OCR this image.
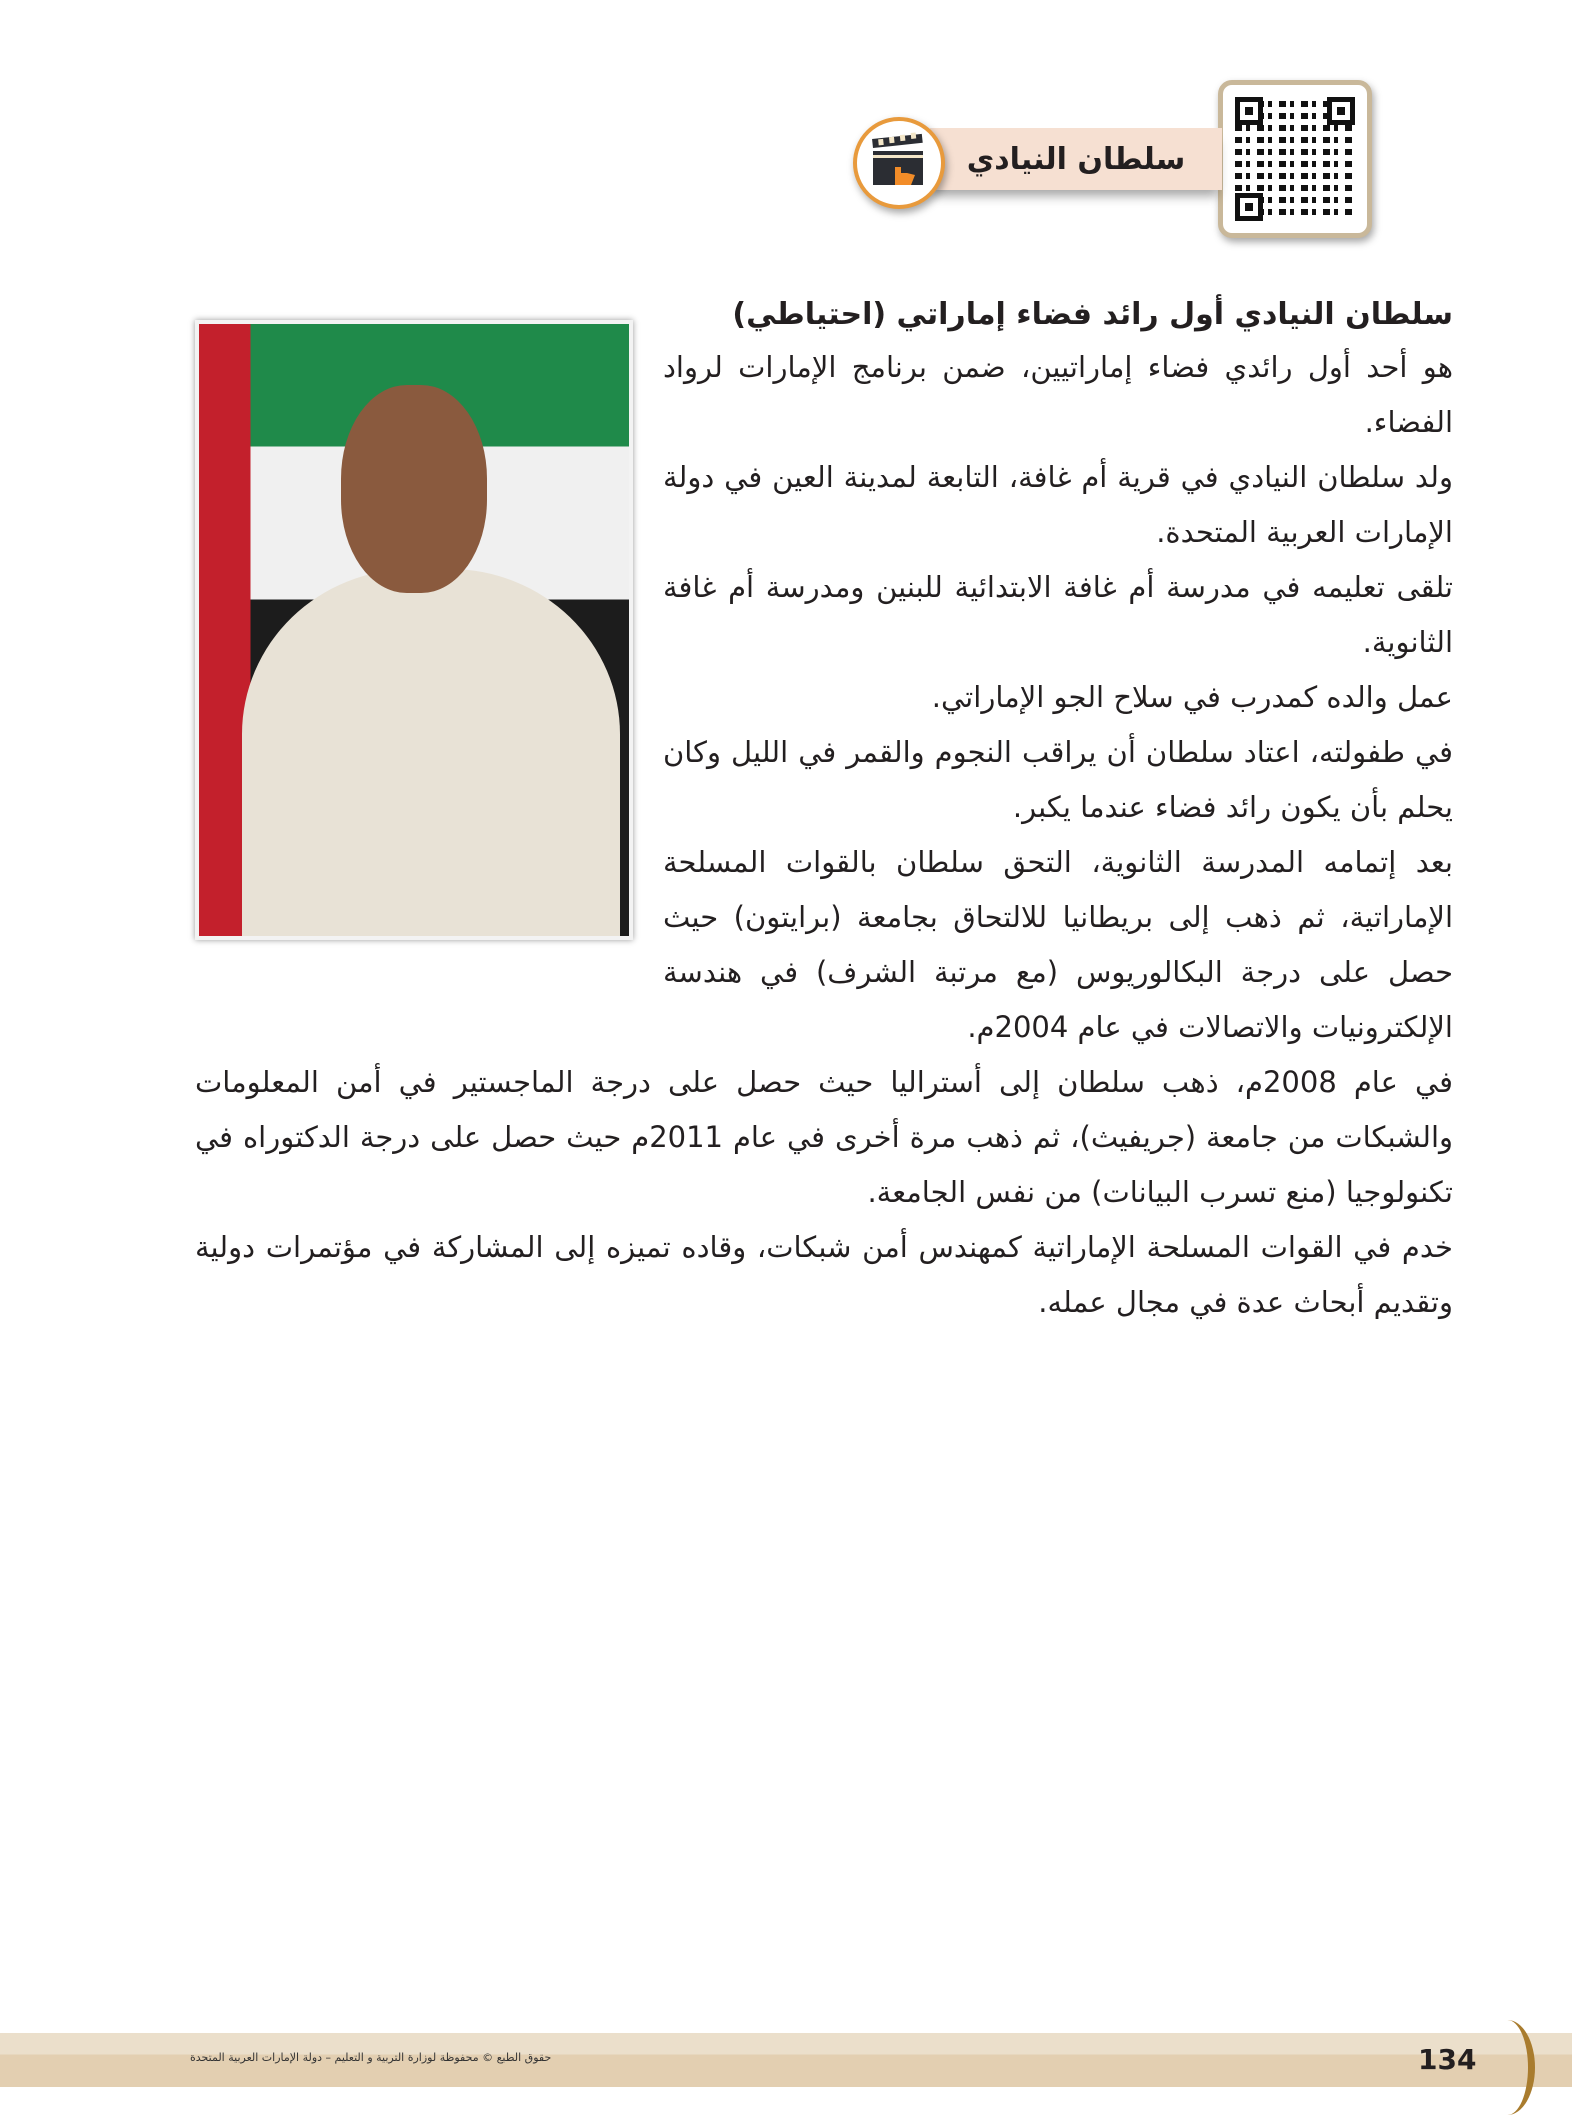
سلطان النيادي
سلطان النيادي أول رائد فضاء إماراتي (احتياطي)

هو أحد أول رائدي فضاء إماراتيين، ضمن برنامج الإمارات لرواد الفضاء.

ولد سلطان النيادي في قرية أم غافة، التابعة لمدينة العين في دولة الإمارات العربية المتحدة.

تلقى تعليمه في مدرسة أم غافة الابتدائية للبنين ومدرسة أم غافة الثانوية.

عمل والده كمدرب في سلاح الجو الإماراتي.

في طفولته، اعتاد سلطان أن يراقب النجوم والقمر في الليل وكان يحلم بأن يكون رائد فضاء عندما يكبر.

بعد إتمامه المدرسة الثانوية، التحق سلطان بالقوات المسلحة الإماراتية، ثم ذهب إلى بريطانيا للالتحاق بجامعة (برايتون) حيث حصل على درجة البكالوريوس (مع مرتبة الشرف) في هندسة الإلكترونيات والاتصالات في عام 2004م.

في عام 2008م، ذهب سلطان إلى أستراليا حيث حصل على درجة الماجستير في أمن المعلومات والشبكات من جامعة (جريفيث)، ثم ذهب مرة أخرى في عام 2011م حيث حصل على درجة الدكتوراه في تكنولوجيا (منع تسرب البيانات) من نفس الجامعة.

خدم في القوات المسلحة الإماراتية كمهندس أمن شبكات، وقاده تميزه إلى المشاركة في مؤتمرات دولية وتقديم أبحاث عدة في مجال عمله.

حقوق الطبع © محفوظة لوزارة التربية و التعليم – دولة الإمارات العربية المتحدة	134
